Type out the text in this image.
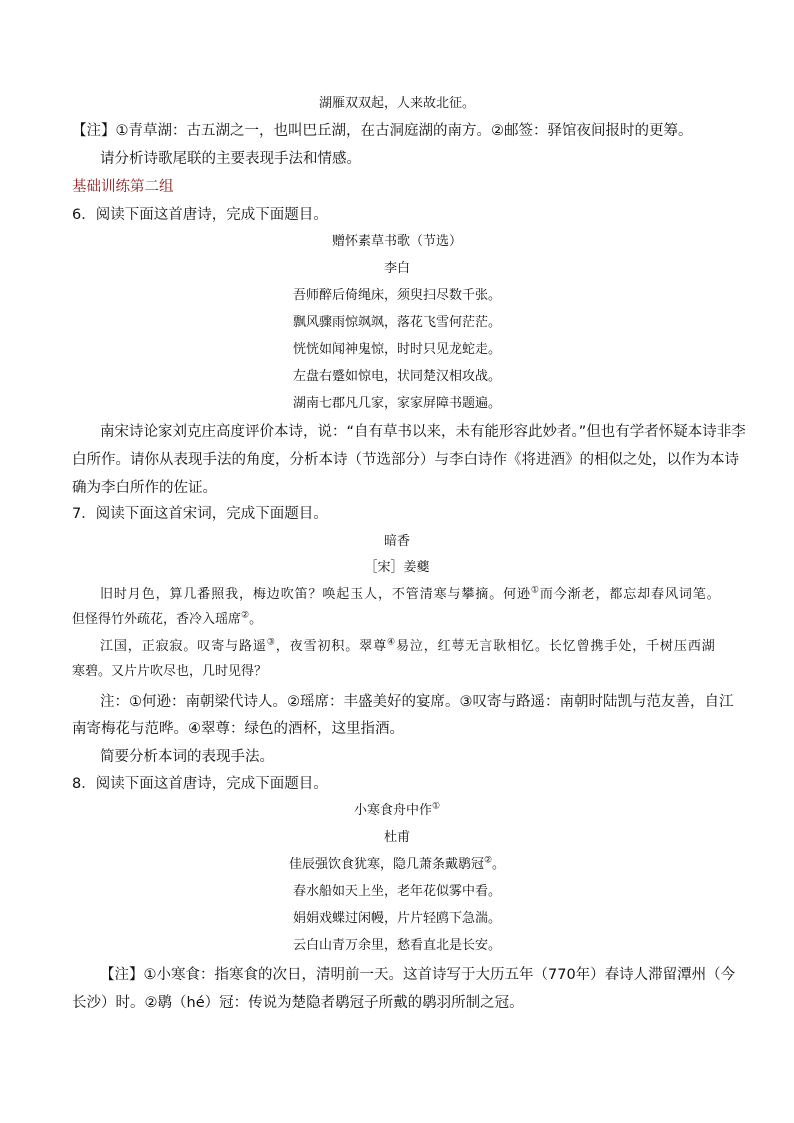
湖雁双双起，人来故北征。
【注】①青草湖：古五湖之一，也叫巴丘湖，在古洞庭湖的南方。②邮签：驿馆夜间报时的更筹。
请分析诗歌尾联的主要表现手法和情感。
基础训练第二组
6．阅读下面这首唐诗，完成下面题目。
赠怀素草书歌（节选）
李白
吾师醉后倚绳床，须臾扫尽数千张。
飘风骤雨惊飒飒，落花飞雪何茫茫。
恍恍如闻神鬼惊，时时只见龙蛇走。
左盘右蹙如惊电，状同楚汉相攻战。
湖南七郡凡几家，家家屏障书题遍。
南宋诗论家刘克庄高度评价本诗，说：“自有草书以来，未有能形容此妙者。”但也有学者怀疑本诗非李
白所作。请你从表现手法的角度，分析本诗（节选部分）与李白诗作《将进酒》的相似之处，以作为本诗
确为李白所作的佐证。
7．阅读下面这首宋词，完成下面题目。
暗香
［宋］姜夔
旧时月色，算几番照我，梅边吹笛？唤起玉人，不管清寒与攀摘。何逊①而今渐老，都忘却春风词笔。
但怪得竹外疏花，香冷入瑶席②。
江国，正寂寂。叹寄与路遥③，夜雪初积。翠尊④易泣，红萼无言耿相忆。长忆曾携手处，千树压西湖
寒碧。又片片吹尽也，几时见得？
注：①何逊：南朝梁代诗人。②瑶席：丰盛美好的宴席。③叹寄与路遥：南朝时陆凯与范友善，自江
南寄梅花与范晔。④翠尊：绿色的酒杯，这里指酒。
简要分析本词的表现手法。
8．阅读下面这首唐诗，完成下面题目。
小寒食舟中作①
杜甫
佳辰强饮食犹寒，隐几萧条戴鹖冠②。
春水船如天上坐，老年花似雾中看。
娟娟戏蝶过闲幔，片片轻鸥下急湍。
云白山青万余里，愁看直北是长安。
【注】①小寒食：指寒食的次日，清明前一天。这首诗写于大历五年（770年）春诗人滞留潭州（今
长沙）时。②鹖（hé）冠：传说为楚隐者鹖冠子所戴的鹖羽所制之冠。
